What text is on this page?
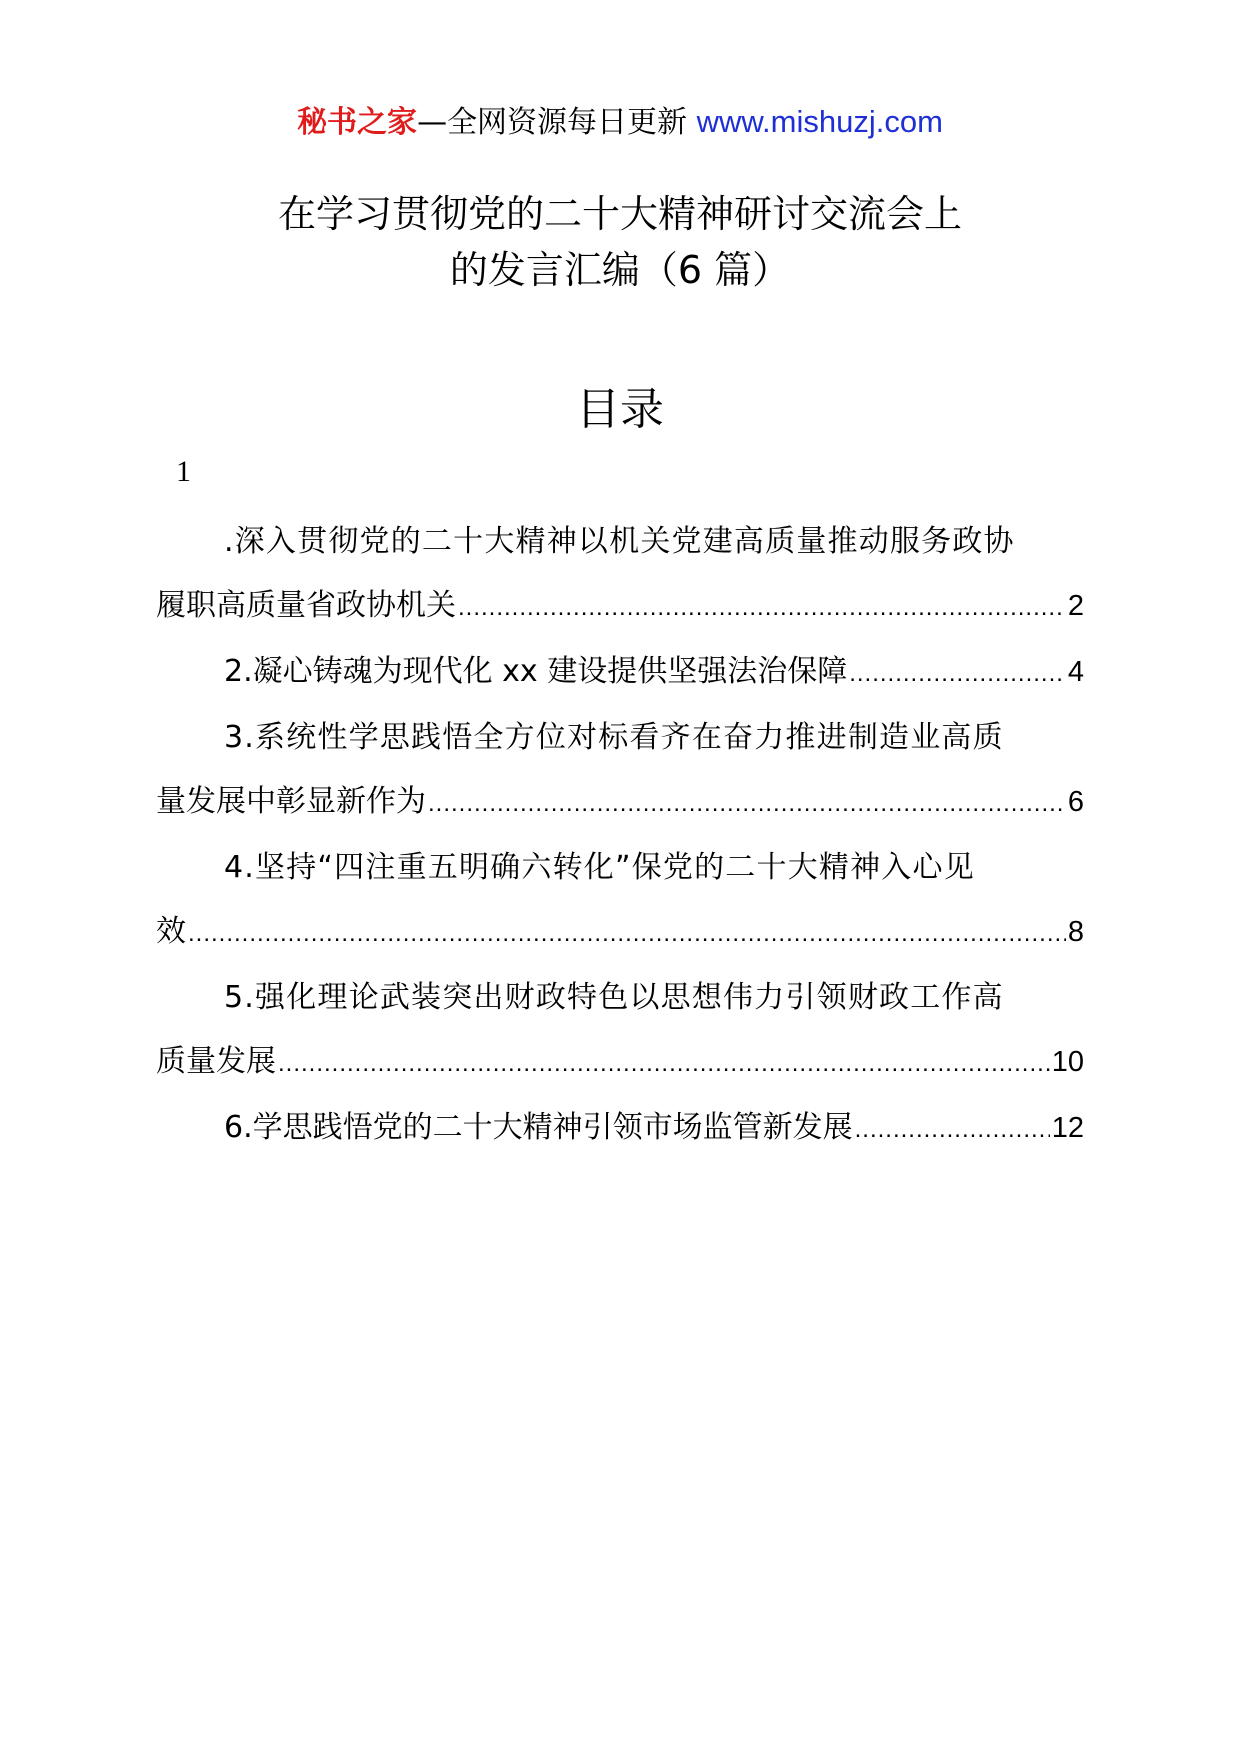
秘书之家—全网资源每日更新 www.mishuzj.com
在学习贯彻党的二十大精神研讨交流会上
的发言汇编（6 篇）
目录
1
.深入贯彻党的二十大精神以机关党建高质量推动服务政协
履职高质量省政协机关 .....	2
2.凝心铸魂为现代化 xx 建设提供坚强法治保障 .....	4
3.系统性学思践悟全方位对标看齐在奋力推进制造业高质
量发展中彰显新作为 .....	6
4.坚持“四注重五明确六转化”保党的二十大精神入心见
效 .....	8
5.强化理论武装突出财政特色以思想伟力引领财政工作高
质量发展 .....	10
6.学思践悟党的二十大精神引领市场监管新发展 .....	12
